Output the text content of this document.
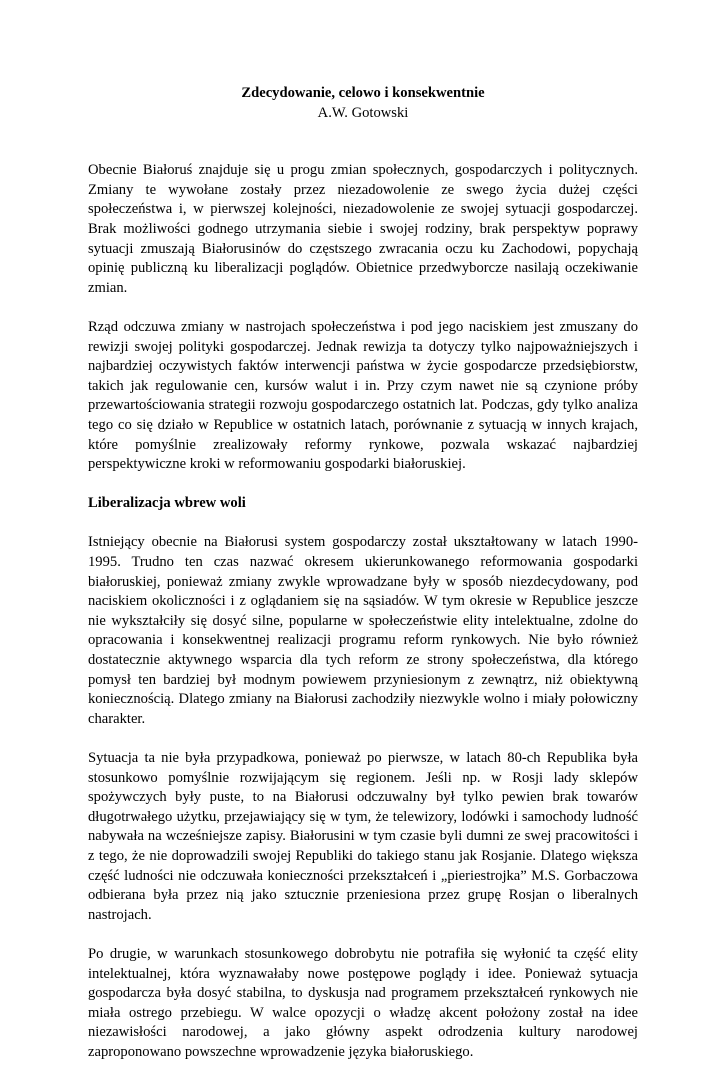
Zdecydowanie, celowo i konsekwentnie

A.W. Gotowski

Obecnie Białoruś znajduje się u progu zmian społecznych, gospodarczych i politycznych. Zmiany te wywołane zostały przez niezadowolenie ze swego życia dużej części społeczeństwa i, w pierwszej kolejności, niezadowolenie ze swojej sytuacji gospodarczej. Brak możliwości godnego utrzymania siebie i swojej rodziny, brak perspektyw poprawy sytuacji zmuszają Białorusinów do częstszego zwracania oczu ku Zachodowi, popychają opinię publiczną ku liberalizacji poglądów. Obietnice przedwyborcze nasilają oczekiwanie zmian.

Rząd odczuwa zmiany w nastrojach społeczeństwa i pod jego naciskiem jest zmuszany do rewizji swojej polityki gospodarczej. Jednak rewizja ta dotyczy tylko najpoważniejszych i najbardziej oczywistych faktów interwencji państwa w życie gospodarcze przedsiębiorstw, takich jak regulowanie cen, kursów walut i in. Przy czym nawet nie są czynione próby przewartościowania strategii rozwoju gospodarczego ostatnich lat. Podczas, gdy tylko analiza tego co się działo w Republice w ostatnich latach, porównanie z sytuacją w innych krajach, które pomyślnie zrealizowały reformy rynkowe, pozwala wskazać najbardziej perspektywiczne kroki w reformowaniu gospodarki białoruskiej.

Liberalizacja wbrew woli

Istniejący obecnie na Białorusi system gospodarczy został ukształtowany w latach 1990-1995. Trudno ten czas nazwać okresem ukierunkowanego reformowania gospodarki białoruskiej, ponieważ zmiany zwykle wprowadzane były w sposób niezdecydowany, pod naciskiem okoliczności i z oglądaniem się na sąsiadów. W tym okresie w Republice jeszcze nie wykształciły się dosyć silne, popularne w społeczeństwie elity intelektualne, zdolne do opracowania i konsekwentnej realizacji programu reform rynkowych. Nie było również dostatecznie aktywnego wsparcia dla tych reform ze strony społeczeństwa, dla którego pomysł ten bardziej był modnym powiewem przyniesionym z zewnątrz, niż obiektywną koniecznością. Dlatego zmiany na Białorusi zachodziły niezwykle wolno i miały połowiczny charakter.

Sytuacja ta nie była przypadkowa, ponieważ po pierwsze, w latach 80-ch Republika była stosunkowo pomyślnie rozwijającym się regionem. Jeśli np. w Rosji lady sklepów spożywczych były puste, to na Białorusi odczuwalny był tylko pewien brak towarów długotrwałego użytku, przejawiający się w tym, że telewizory, lodówki i samochody ludność nabywała na wcześniejsze zapisy. Białorusini w tym czasie byli dumni ze swej pracowitości i z tego, że nie doprowadzili swojej Republiki do takiego stanu jak Rosjanie. Dlatego większa część ludności nie odczuwała konieczności przekształceń i „pieriestrojka” M.S. Gorbaczowa odbierana była przez nią jako sztucznie przeniesiona przez grupę Rosjan o liberalnych nastrojach.

Po drugie, w warunkach stosunkowego dobrobytu nie potrafiła się wyłonić ta część elity intelektualnej, która wyznawałaby nowe postępowe poglądy i idee. Ponieważ sytuacja gospodarcza była dosyć stabilna, to dyskusja nad programem przekształceń rynkowych nie miała ostrego przebiegu. W walce opozycji o władzę akcent położony został na idee niezawisłości narodowej, a jako główny aspekt odrodzenia kultury narodowej zaproponowano powszechne wprowadzenie języka białoruskiego.
